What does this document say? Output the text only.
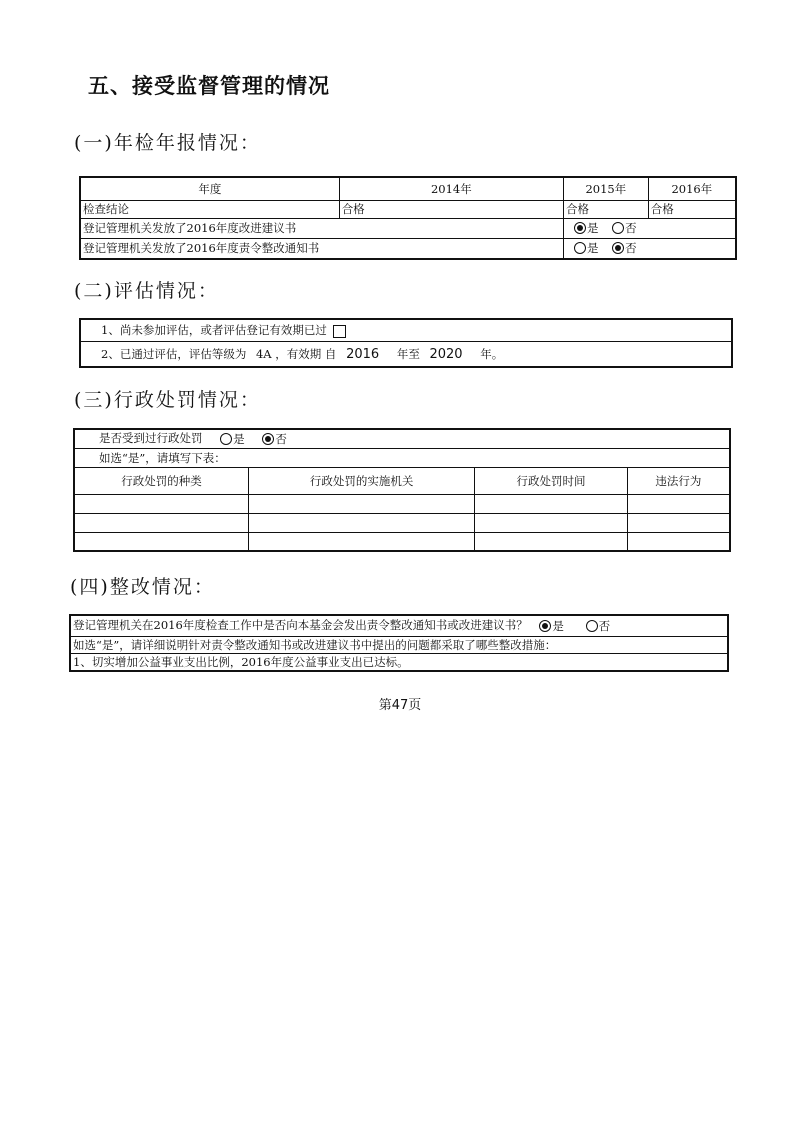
五、接受监督管理的情况
(一)年检年报情况：
年度	2014年	2015年	2016年
检查结论	合格	合格	合格
登记管理机关发放了2016年度改进建议书		是 否	
登记管理机关发放了2016年度责令整改通知书		是 否	
(二)评估情况：
1、尚未参加评估，或者评估登记有效期已过
2、已通过评估，评估等级为 4A ，有效期 自 2016 年至 2020 年。
(三)行政处罚情况：
是否受到过行政处罚 是 否			
如选“是”，请填写下表：			
行政处罚的种类	行政处罚的实施机关	行政处罚时间	违法行为

(四)整改情况：
登记管理机关在2016年度检查工作中是否向本基金会发出责令整改通知书或改进建议书？ 是	否
如选“是”，请详细说明针对责令整改通知书或改进建议书中提出的问题都采取了哪些整改措施：
1、切实增加公益事业支出比例，2016年度公益事业支出已达标。
第47页
